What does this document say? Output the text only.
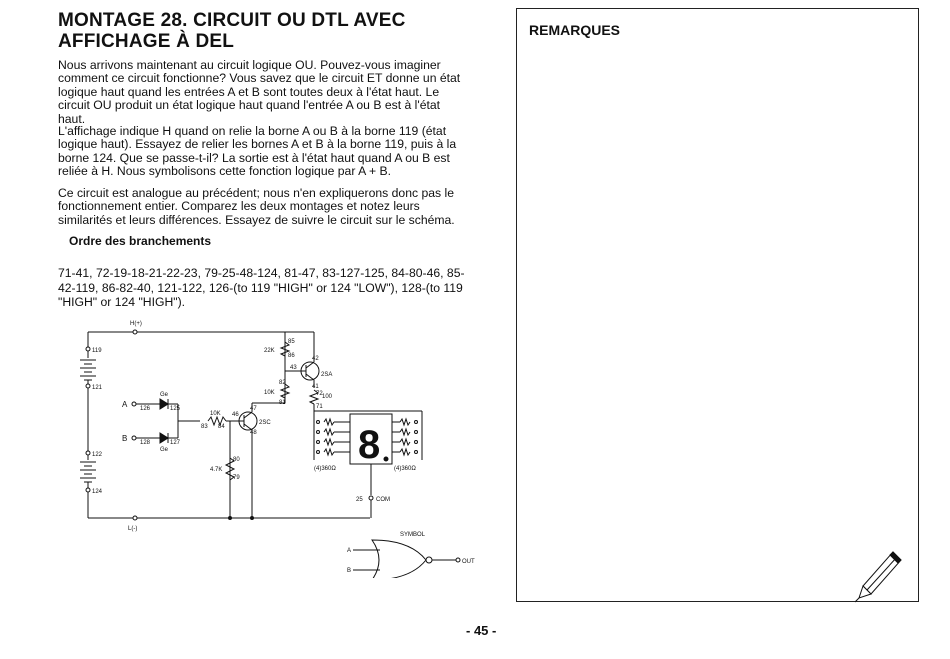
MONTAGE 28. CIRCUIT OU DTL AVEC AFFICHAGE À DEL

Nous arrivons maintenant au circuit logique OU. Pouvez-vous imaginer comment ce circuit fonctionne? Vous savez que le circuit ET donne un état logique haut quand les entrées A et B sont toutes deux à l'état haut. Le circuit OU produit un état logique haut quand l'entrée A ou B est à l'état haut.

L'affichage indique H quand on relie la borne A ou B à la borne 119 (état logique haut). Essayez de relier les bornes A et B à la borne 119, puis à la borne 124. Que se passe-t-il? La sortie est à l'état haut quand A ou B est reliée à H. Nous symbolisons cette fonction logique par A + B.

Ce circuit est analogue au précédent; nous n'en expliquerons donc pas le fonctionnement entier. Comparez les deux montages et notez leurs similarités et leurs différences. Essayez de suivre le circuit sur le schéma.

Ordre des branchements

71-41, 72-19-18-21-22-23, 79-25-48-124, 81-47, 83-127-125, 84-80-46, 85-42-119, 86-82-40, 121-122, 126-(to 119 "HIGH" or 124 "LOW"), 128-(to 119 "HIGH" or 124 "HIGH").

H(+)
L(-)
119
121
122
124
A 126
Ge
125
B 128
Ge
127
83
10K
84
4.7K
80
79
46
47
48
2SC
10K
82
81
22K
85
86
43
42
41
2SA
100
71
72
(4)360Ω
8
(4)360Ω
25 COM
SYMBOL
A
B
OUT

REMARQUES

- 45 -
